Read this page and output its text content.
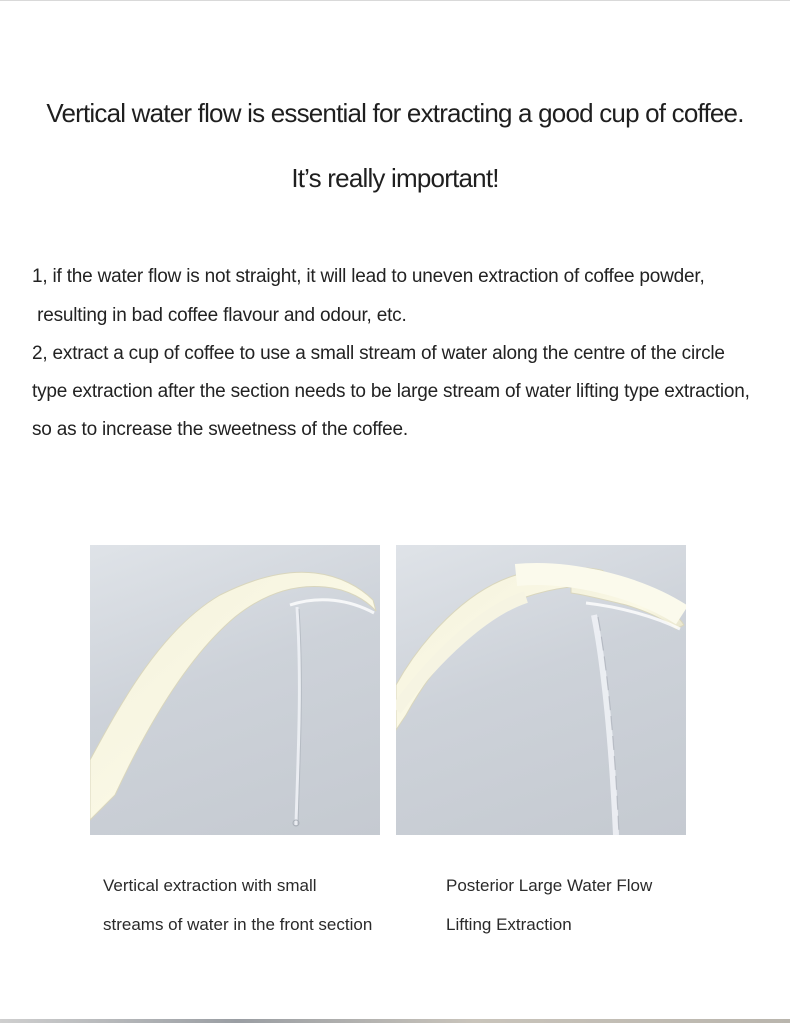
Vertical water flow is essential for extracting a good cup of coffee.
It’s really important!
1, if the water flow is not straight, it will lead to uneven extraction of coffee powder,
resulting in bad coffee flavour and odour, etc.
2, extract a cup of coffee to use a small stream of water along the centre of the circle
type extraction after the section needs to be large stream of water lifting type extraction,
so as to increase the sweetness of the coffee.
Vertical extraction with small
streams of water in the front section
Posterior Large Water Flow
Lifting Extraction
